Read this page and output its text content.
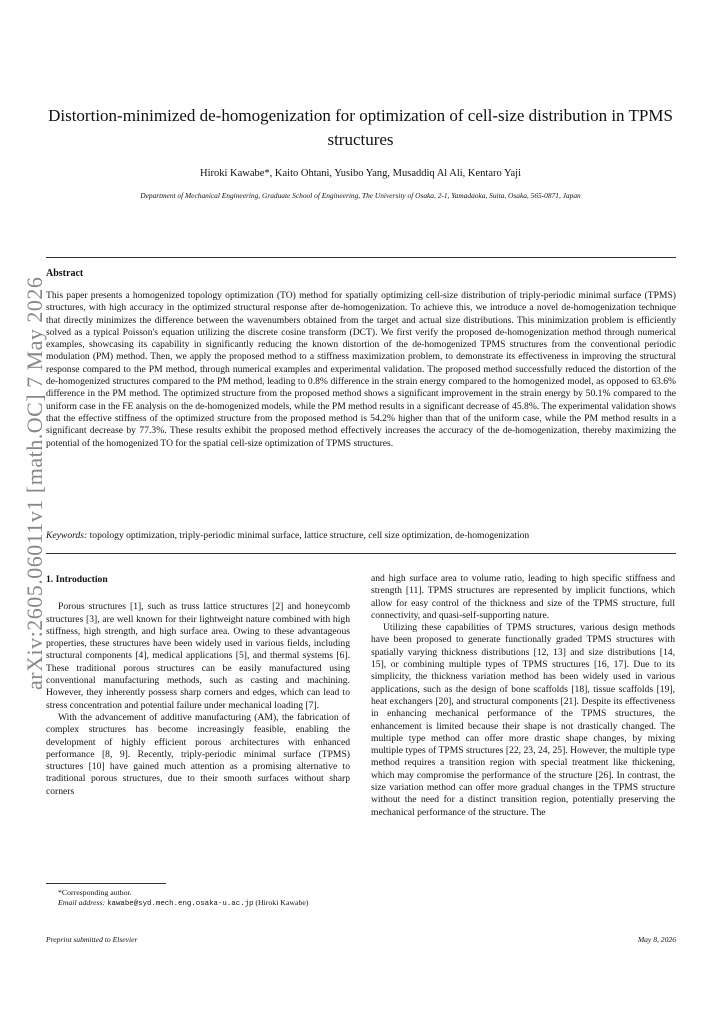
Distortion-minimized de-homogenization for optimization of cell-size distribution in TPMS structures
Hiroki Kawabe*, Kaito Ohtani, Yusibo Yang, Musaddiq Al Ali, Kentaro Yaji
Department of Mechanical Engineering, Graduate School of Engineering, The University of Osaka, 2-1, Yamadaoka, Suita, Osaka, 565-0871, Japan
Abstract
This paper presents a homogenized topology optimization (TO) method for spatially optimizing cell-size distribution of triply-periodic minimal surface (TPMS) structures, with high accuracy in the optimized structural response after de-homogenization. To achieve this, we introduce a novel de-homogenization technique that directly minimizes the difference between the wavenumbers obtained from the target and actual size distributions. This minimization problem is efficiently solved as a typical Poisson's equation utilizing the discrete cosine transform (DCT). We first verify the proposed de-homogenization method through numerical examples, showcasing its capability in significantly reducing the known distortion of the de-homogenized TPMS structures from the conventional periodic modulation (PM) method. Then, we apply the proposed method to a stiffness maximization problem, to demonstrate its effectiveness in improving the structural response compared to the PM method, through numerical examples and experimental validation. The proposed method successfully reduced the distortion of the de-homogenized structures compared to the PM method, leading to 0.8% difference in the strain energy compared to the homogenized model, as opposed to 63.6% difference in the PM method. The optimized structure from the proposed method shows a significant improvement in the strain energy by 50.1% compared to the uniform case in the FE analysis on the de-homogenized models, while the PM method results in a significant decrease of 45.8%. The experimental validation shows that the effective stiffness of the optimized structure from the proposed method is 54.2% higher than that of the uniform case, while the PM method results in a significant decrease by 77.3%. These results exhibit the proposed method effectively increases the accuracy of the de-homogenization, thereby maximizing the potential of the homogenized TO for the spatial cell-size optimization of TPMS structures.
Keywords: topology optimization, triply-periodic minimal surface, lattice structure, cell size optimization, de-homogenization
arXiv:2605.06011v1 [math.OC] 7 May 2026 1. Introduction

Porous structures [1], such as truss lattice structures [2] and honeycomb structures [3], are well known for their lightweight nature combined with high stiffness, high strength, and high surface area. Owing to these advantageous properties, these structures have been widely used in various fields, including structural components [4], medical applications [5], and thermal systems [6]. These traditional porous structures can be easily manufactured using conventional manufacturing methods, such as casting and machining. However, they inherently possess sharp corners and edges, which can lead to stress concentration and potential failure under mechanical loading [7].

With the advancement of additive manufacturing (AM), the fabrication of complex structures has become increasingly feasible, enabling the development of highly efficient porous architectures with enhanced performance [8, 9]. Recently, triply-periodic minimal surface (TPMS) structures [10] have gained much attention as a promising alternative to traditional porous structures, due to their smooth surfaces without sharp corners

and high surface area to volume ratio, leading to high specific stiffness and strength [11]. TPMS structures are represented by implicit functions, which allow for easy control of the thickness and size of the TPMS structure, full connectivity, and quasi-self-supporting nature.

Utilizing these capabilities of TPMS structures, various design methods have been proposed to generate functionally graded TPMS structures with spatially varying thickness distributions [12, 13] and size distributions [14, 15], or combining multiple types of TPMS structures [16, 17]. Due to its simplicity, the thickness variation method has been widely used in various applications, such as the design of bone scaffolds [18], tissue scaffolds [19], heat exchangers [20], and structural components [21]. Despite its effectiveness in enhancing mechanical performance of the TPMS structures, the enhancement is limited because their shape is not drastically changed. The multiple type method can offer more drastic shape changes, by mixing multiple types of TPMS structures [22, 23, 24, 25]. However, the multiple type method requires a transition region with special treatment like thickening, which may compromise the performance of the structure [26]. In contrast, the size variation method can offer more gradual changes in the TPMS structure without the need for a distinct transition region, potentially preserving the mechanical performance of the structure. The

*Corresponding author.
Email address: kawabe@syd.mech.eng.osaka-u.ac.jp (Hiroki Kawabe)
Preprint submitted to Elsevier	May 8, 2026
